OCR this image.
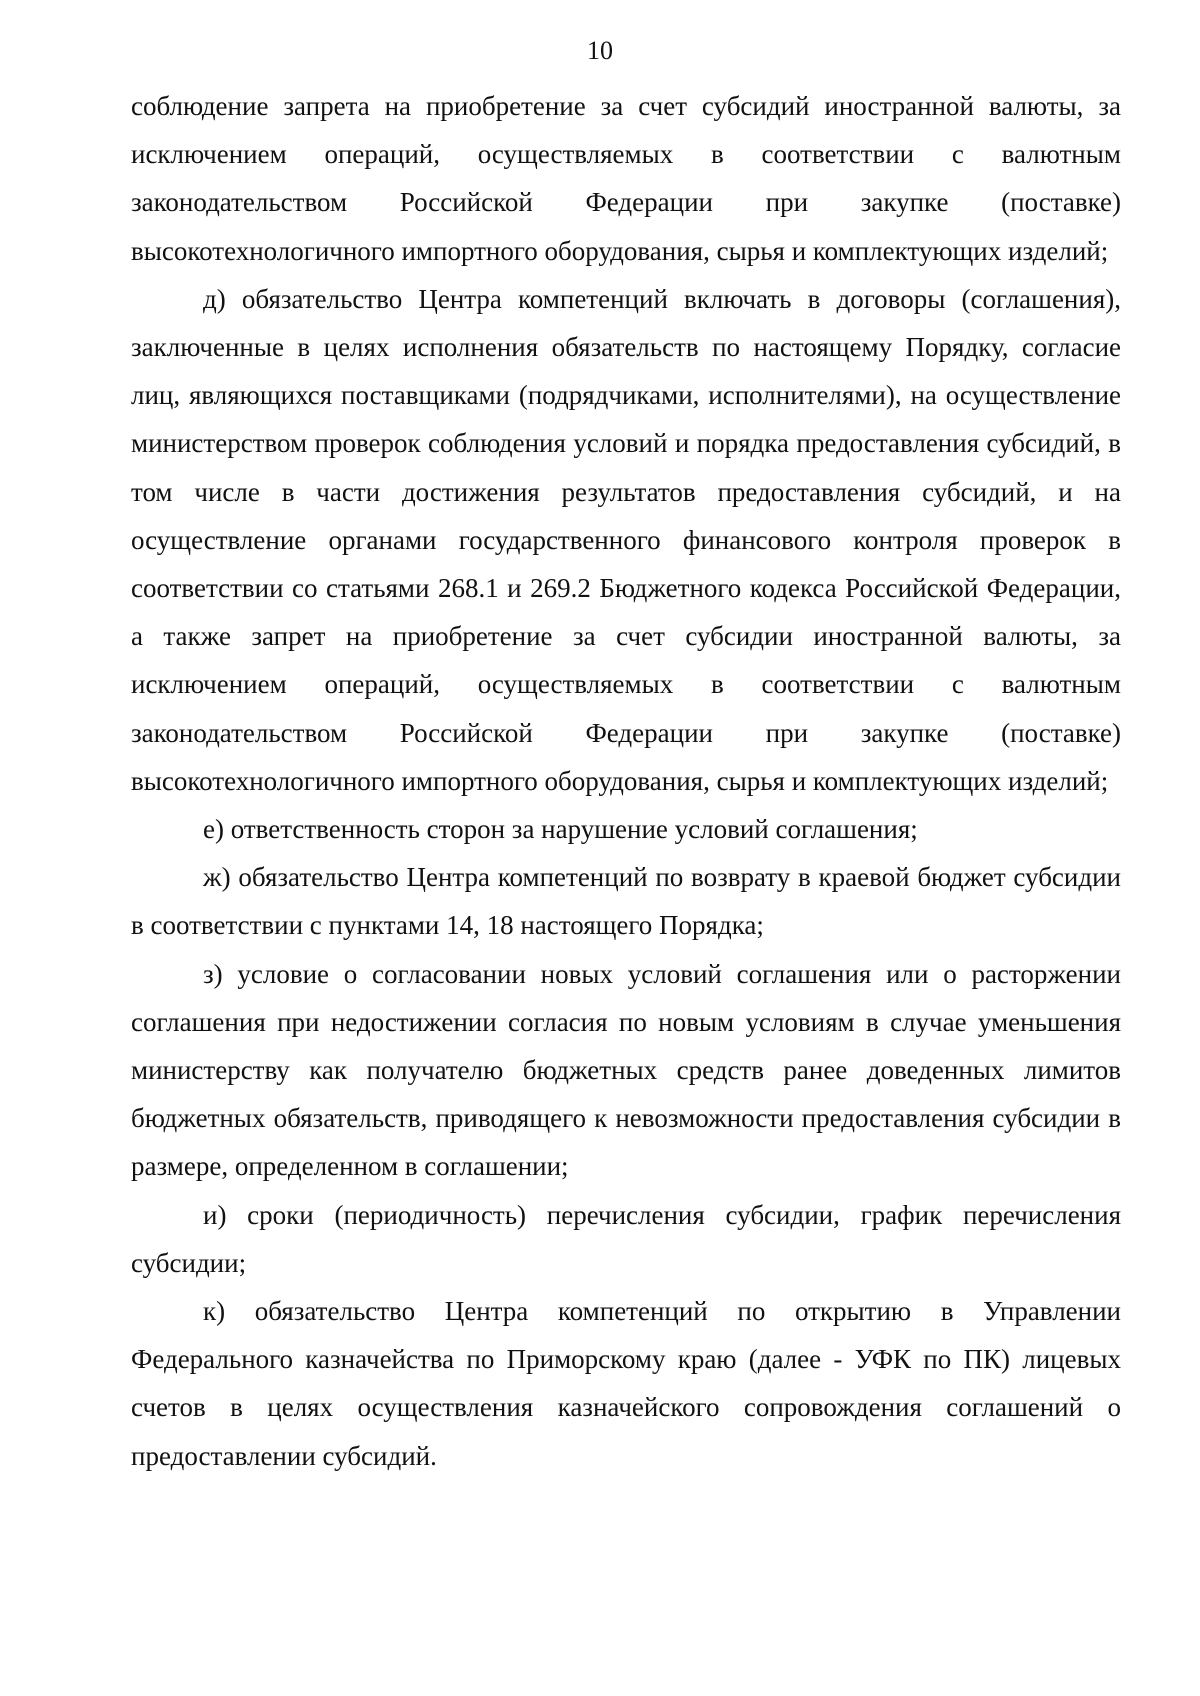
10

соблюдение запрета на приобретение за счет субсидий иностранной валюты, за исключением операций, осуществляемых в соответствии с валютным законодательством Российской Федерации при закупке (поставке) высокотехнологичного импортного оборудования, сырья и комплектующих изделий;

д) обязательство Центра компетенций включать в договоры (соглашения), заключенные в целях исполнения обязательств по настоящему Порядку, согласие лиц, являющихся поставщиками (подрядчиками, исполнителями), на осуществление министерством проверок соблюдения условий и порядка предоставления субсидий, в том числе в части достижения результатов предоставления субсидий, и на осуществление органами государственного финансового контроля проверок в соответствии со статьями 268.1 и 269.2 Бюджетного кодекса Российской Федерации, а также запрет на приобретение за счет субсидии иностранной валюты, за исключением операций, осуществляемых в соответствии с валютным законодательством Российской Федерации при закупке (поставке) высокотехнологичного импортного оборудования, сырья и комплектующих изделий;

е) ответственность сторон за нарушение условий соглашения;

ж) обязательство Центра компетенций по возврату в краевой бюджет субсидии в соответствии с пунктами 14, 18 настоящего Порядка;

з) условие о согласовании новых условий соглашения или о расторжении соглашения при недостижении согласия по новым условиям в случае уменьшения министерству как получателю бюджетных средств ранее доведенных лимитов бюджетных обязательств, приводящего к невозможности предоставления субсидии в размере, определенном в соглашении;

и) сроки (периодичность) перечисления субсидии, график перечисления субсидии;

к) обязательство Центра компетенций по открытию в Управлении Федерального казначейства по Приморскому краю (далее - УФК по ПК) лицевых счетов в целях осуществления казначейского сопровождения соглашений о предоставлении субсидий.
